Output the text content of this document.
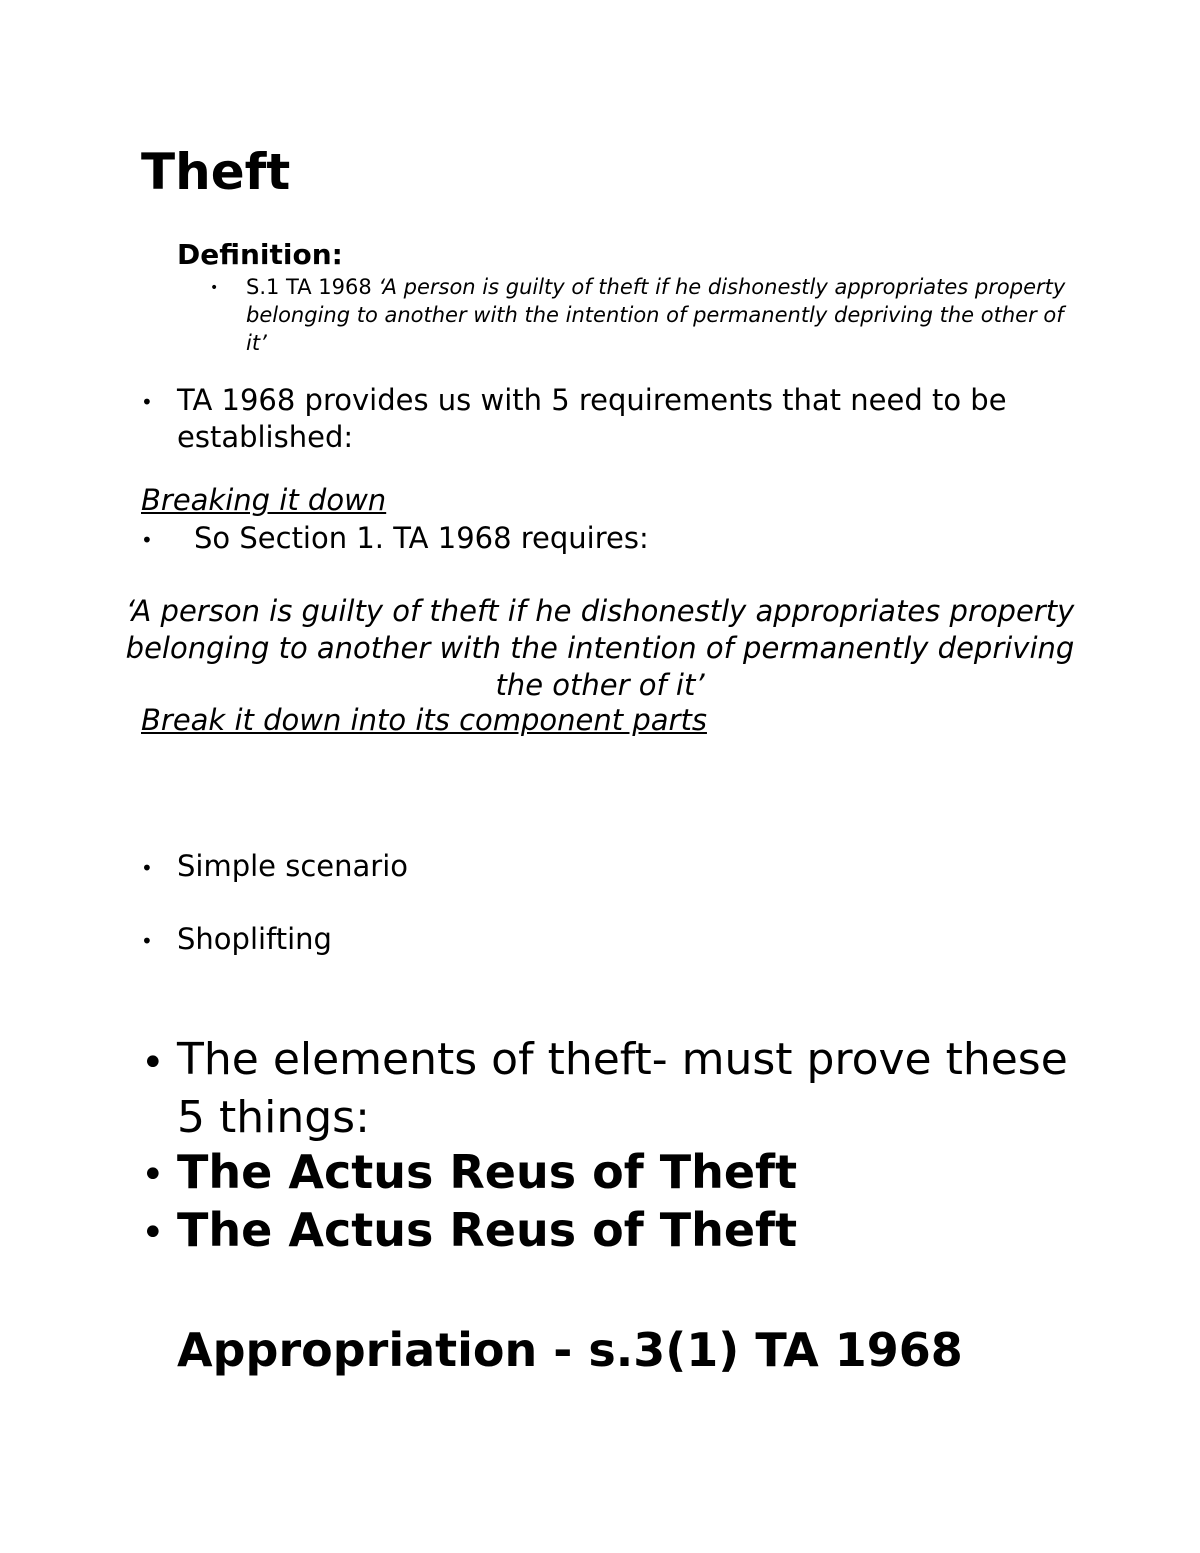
Theft
Definition:
• S.1 TA 1968 ‘A person is guilty of theft if he dishonestly appropriates property belonging to another with the intention of permanently depriving the other of it’
• TA 1968 provides us with 5 requirements that need to be established:
Breaking it down
• So Section 1. TA 1968 requires:
‘A person is guilty of theft if he dishonestly appropriates property belonging to another with the intention of permanently depriving the other of it’
Break it down into its component parts
• Simple scenario
• Shoplifting
• The elements of theft- must prove these 5 things:
• The Actus Reus of Theft
• The Actus Reus of Theft
Appropriation - s.3(1) TA 1968
